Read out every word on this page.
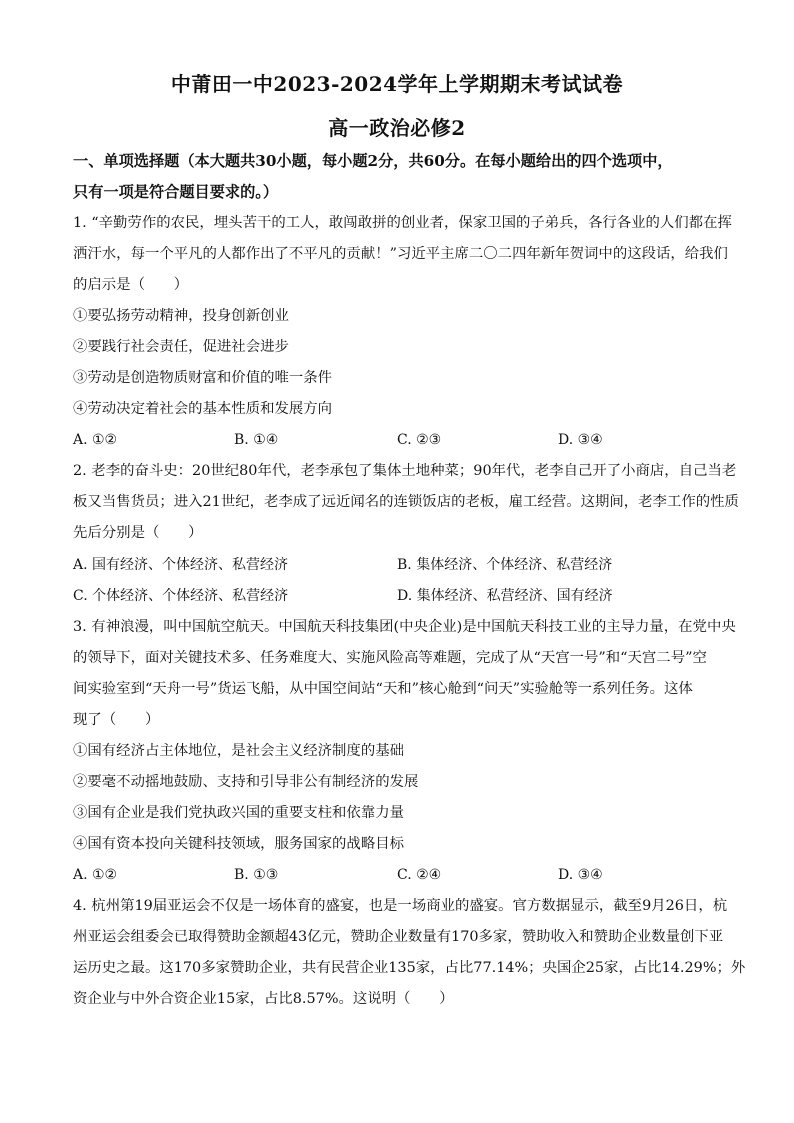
中莆田一中2023-2024学年上学期期末考试试卷
高一政治必修2
一、单项选择题（本大题共30小题，每小题2分，共60分。在每小题给出的四个选项中，
只有一项是符合题目要求的。）
1. “辛勤劳作的农民，埋头苦干的工人，敢闯敢拼的创业者，保家卫国的子弟兵，各行各业的人们都在挥
洒汗水，每一个平凡的人都作出了不平凡的贡献！”习近平主席二〇二四年新年贺词中的这段话，给我们
的启示是（　　）
①要弘扬劳动精神，投身创新创业
②要践行社会责任，促进社会进步
③劳动是创造物质财富和价值的唯一条件
④劳动决定着社会的基本性质和发展方向
A. ①②	B. ①④	C. ②③	D. ③④
2. 老李的奋斗史：20世纪80年代，老李承包了集体土地种菜；90年代，老李自己开了小商店，自己当老
板又当售货员；进入21世纪，老李成了远近闻名的连锁饭店的老板，雇工经营。这期间，老李工作的性质
先后分别是（　　）
A. 国有经济、个体经济、私营经济	B. 集体经济、个体经济、私营经济
C. 个体经济、个体经济、私营经济	D. 集体经济、私营经济、国有经济
3. 有神浪漫，叫中国航空航天。中国航天科技集团(中央企业)是中国航天科技工业的主导力量，在党中央
的领导下，面对关键技术多、任务难度大、实施风险高等难题，完成了从“天宫一号”和“天宫二号”空
间实验室到“天舟一号”货运飞船，从中国空间站“天和”核心舱到“问天”实验舱等一系列任务。这体
现了（　　）
①国有经济占主体地位，是社会主义经济制度的基础
②要毫不动摇地鼓励、支持和引导非公有制经济的发展
③国有企业是我们党执政兴国的重要支柱和依靠力量
④国有资本投向关键科技领域，服务国家的战略目标
A. ①②	B. ①③	C. ②④	D. ③④
4. 杭州第19届亚运会不仅是一场体育的盛宴，也是一场商业的盛宴。官方数据显示，截至9月26日，杭
州亚运会组委会已取得赞助金额超43亿元，赞助企业数量有170多家，赞助收入和赞助企业数量创下亚
运历史之最。这170多家赞助企业，共有民营企业135家，占比77.14%；央国企25家，占比14.29%；外
资企业与中外合资企业15家，占比8.57%。这说明（　　）
